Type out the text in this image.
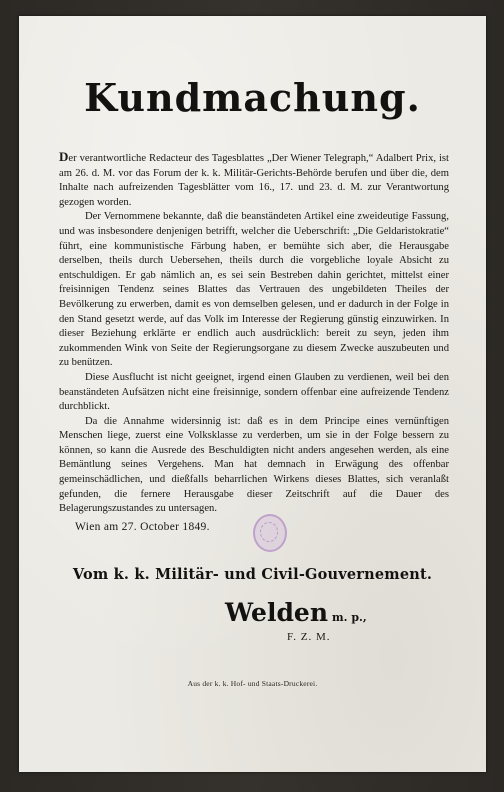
Kundmachung.

Der verantwortliche Redacteur des Tagesblattes „Der Wiener Telegraph,“ Adalbert Prix, ist am 26. d. M. vor das Forum der k. k. Militär-Gerichts-Behörde berufen und über die, dem Inhalte nach aufreizenden Tagesblätter vom 16., 17. und 23. d. M. zur Verantwortung gezogen worden.

Der Vernommene bekannte, daß die beanständeten Artikel eine zweideutige Fassung, und was insbesondere denjenigen betrifft, welcher die Ueberschrift: „Die Geldaristokratie“ führt, eine kommunistische Färbung haben, er bemühte sich aber, die Herausgabe derselben, theils durch Uebersehen, theils durch die vorgebliche loyale Absicht zu entschuldigen. Er gab nämlich an, es sei sein Bestreben dahin gerichtet, mittelst einer freisinnigen Tendenz seines Blattes das Vertrauen des ungebildeten Theiles der Bevölkerung zu erwerben, damit es von demselben gelesen, und er dadurch in der Folge in den Stand gesetzt werde, auf das Volk im Interesse der Regierung günstig einzuwirken. In dieser Beziehung erklärte er endlich auch ausdrücklich: bereit zu seyn, jeden ihm zukommenden Wink von Seite der Regierungsorgane zu diesem Zwecke auszubeuten und zu benützen.

Diese Ausflucht ist nicht geeignet, irgend einen Glauben zu verdienen, weil bei den beanständeten Aufsätzen nicht eine freisinnige, sondern offenbar eine aufreizende Tendenz durchblickt.

Da die Annahme widersinnig ist: daß es in dem Principe eines vernünftigen Menschen liege, zuerst eine Volksklasse zu verderben, um sie in der Folge bessern zu können, so kann die Ausrede des Beschuldigten nicht anders angesehen werden, als eine Bemäntlung seines Vergehens. Man hat demnach in Erwägung des offenbar gemeinschädlichen, und dießfalls beharrlichen Wirkens dieses Blattes, sich veranlaßt gefunden, die fernere Herausgabe dieser Zeitschrift auf die Dauer des Belagerungszustandes zu untersagen.

Wien am 27. October 1849.
Vom k. k. Militär- und Civil-Gouvernement.
Welden m. p.,
F. Z. M.
Aus der k. k. Hof- und Staats-Druckerei.
